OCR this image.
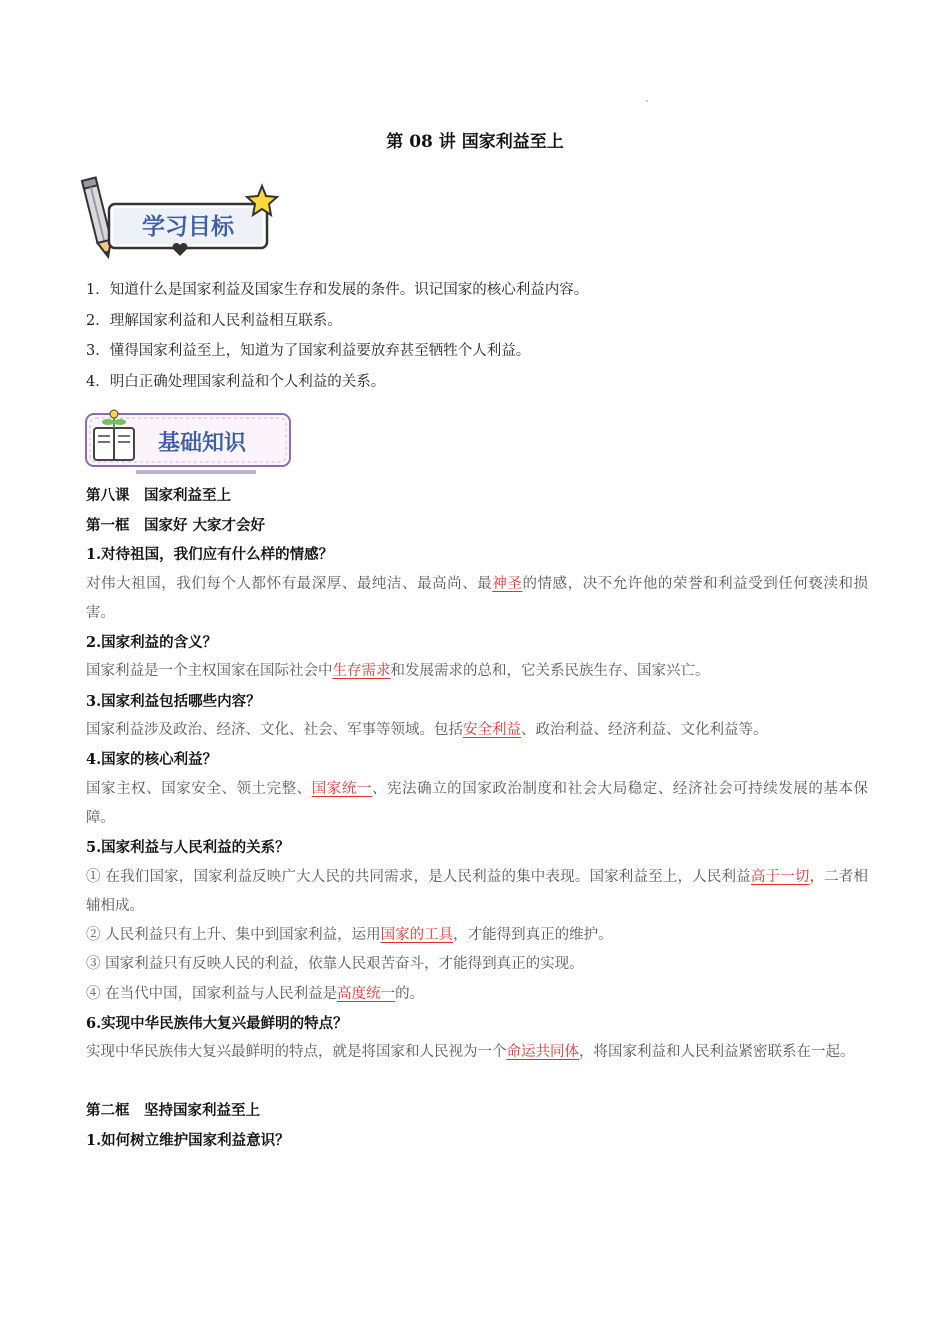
第 08 讲 国家利益至上
学习目标
1．知道什么是国家利益及国家生存和发展的条件。识记国家的核心利益内容。
2．理解国家利益和人民利益相互联系。
3．懂得国家利益至上，知道为了国家利益要放弃甚至牺牲个人利益。
4．明白正确处理国家利益和个人利益的关系。
基础知识
第八课　国家利益至上
第一框　国家好 大家才会好
1.对待祖国，我们应有什么样的情感？
对伟大祖国，我们每个人都怀有最深厚、最纯洁、最高尚、最神圣的情感，决不允许他的荣誉和利益受到任何亵渎和损害。
2.国家利益的含义？
国家利益是一个主权国家在国际社会中生存需求和发展需求的总和，它关系民族生存、国家兴亡。
3.国家利益包括哪些内容？
国家利益涉及政治、经济、文化、社会、军事等领域。包括安全利益、政治利益、经济利益、文化利益等。
4.国家的核心利益？
国家主权、国家安全、领土完整、国家统一、宪法确立的国家政治制度和社会大局稳定、经济社会可持续发展的基本保障。
5.国家利益与人民利益的关系？
① 在我们国家，国家利益反映广大人民的共同需求，是人民利益的集中表现。国家利益至上，人民利益高于一切，二者相辅相成。
② 人民利益只有上升、集中到国家利益，运用国家的工具，才能得到真正的维护。
③ 国家利益只有反映人民的利益，依靠人民艰苦奋斗，才能得到真正的实现。
④ 在当代中国，国家利益与人民利益是高度统一的。
6.实现中华民族伟大复兴最鲜明的特点？
实现中华民族伟大复兴最鲜明的特点，就是将国家和人民视为一个命运共同体，将国家利益和人民利益紧密联系在一起。
第二框　坚持国家利益至上
1.如何树立维护国家利益意识？
